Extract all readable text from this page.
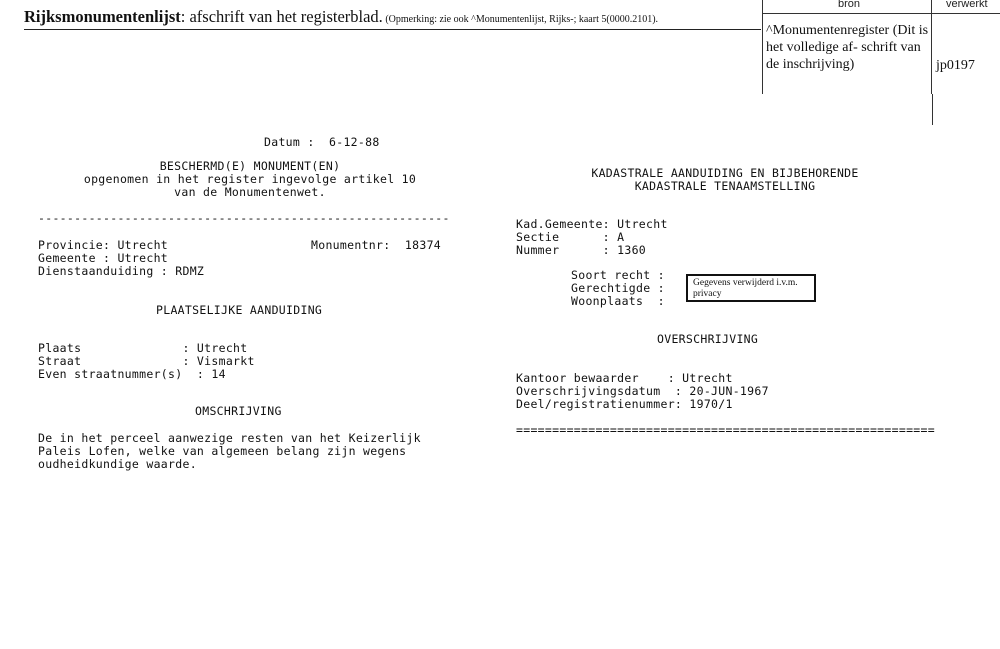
Rijksmonumentenlijst: afschrift van het registerblad. (Opmerking: zie ook ^Monumentenlijst, Rijks-; kaart 5(0000.2101).
bron	verwerkt
^Monumentenregister (Dit is het volledige af- schrift van de inschrijving)	jp0197
Datum :  6-12-88
BESCHERMD(E) MONUMENT(EN)
opgenomen in het register ingevolge artikel 10
van de Monumentenwet.
---------------------------------------------------------
Provincie: Utrecht	Monumentnr:  18374
Gemeente : Utrecht
Dienstaanduiding : RDMZ
PLAATSELIJKE AANDUIDING
Plaats              : Utrecht
Straat              : Vismarkt
Even straatnummer(s)  : 14
OMSCHRIJVING
De in het perceel aanwezige resten van het Keizerlijk
Paleis Lofen, welke van algemeen belang zijn wegens
oudheidkundige waarde.
KADASTRALE AANDUIDING EN BIJBEHORENDE
KADASTRALE TENAAMSTELLING
Kad.Gemeente: Utrecht
Sectie      : A
Nummer      : 1360
Soort recht :
Gerechtigde :
Woonplaats  :
Gegevens verwijderd i.v.m. privacy
OVERSCHRIJVING
Kantoor bewaarder    : Utrecht
Overschrijvingsdatum  : 20-JUN-1967
Deel/registratienummer: 1970/1
==========================================================
